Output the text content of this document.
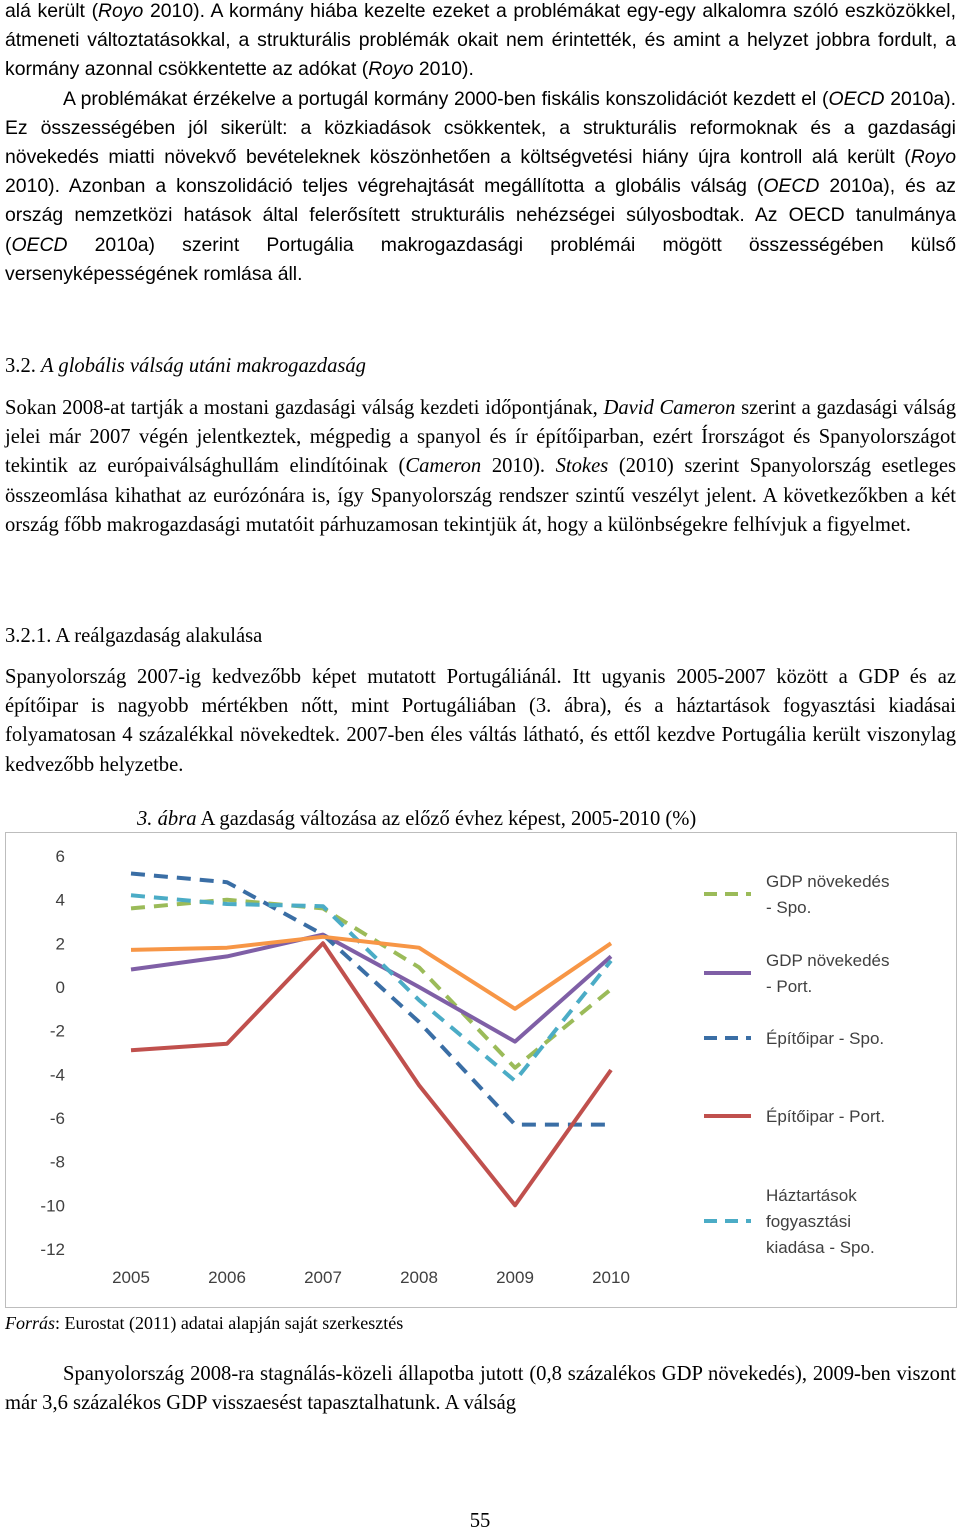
alá került (Royo 2010). A kormány hiába kezelte ezeket a problémákat egy-egy alkalomra szóló eszközökkel, átmeneti változtatásokkal, a strukturális problémák okait nem érintették, és amint a helyzet jobbra fordult, a kormány azonnal csökkentette az adókat (Royo 2010).

A problémákat érzékelve a portugál kormány 2000-ben fiskális konszolidációt kezdett el (OECD 2010a). Ez összességében jól sikerült: a közkiadások csökkentek, a strukturális reformoknak és a gazdasági növekedés miatti növekvő bevételeknek köszönhetően a költségvetési hiány újra kontroll alá került (Royo 2010). Azonban a konszolidáció teljes végrehajtását megállította a globális válság (OECD 2010a), és az ország nemzetközi hatások által felerősített strukturális nehézségei súlyosbodtak. Az OECD tanulmánya (OECD 2010a) szerint Portugália makrogazdasági problémái mögött összességében külső versenyképességének romlása áll.

3.2. A globális válság utáni makrogazdaság

Sokan 2008-at tartják a mostani gazdasági válság kezdeti időpontjának, David Cameron szerint a gazdasági válság jelei már 2007 végén jelentkeztek, mégpedig a spanyol és ír építőiparban, ezért Írországot és Spanyolországot tekintik az európaiválsághullám elindítóinak (Cameron 2010). Stokes (2010) szerint Spanyolország esetleges összeomlása kihathat az eurózónára is, így Spanyolország rendszer szintű veszélyt jelent. A következőkben a két ország főbb makrogazdasági mutatóit párhuzamosan tekintjük át, hogy a különbségekre felhívjuk a figyelmet.

3.2.1. A reálgazdaság alakulása

Spanyolország 2007-ig kedvezőbb képet mutatott Portugáliánál. Itt ugyanis 2005-2007 között a GDP és az építőipar is nagyobb mértékben nőtt, mint Portugáliában (3. ábra), és a háztartások fogyasztási kiadásai folyamatosan 4 százalékkal növekedtek. 2007-ben éles váltás látható, és ettől kezdve Portugália került viszonylag kedvezőbb helyzetbe.

3. ábra A gazdaság változása az előző évhez képest, 2005-2010 (%)

Forrás: Eurostat (2011) adatai alapján saját szerkesztés

Spanyolország 2008-ra stagnálás-közeli állapotba jutott (0,8 százalékos GDP növekedés), 2009-ben viszont már 3,6 százalékos GDP visszaesést tapasztalhatunk. A válság

6
4
2
0
-2
-4
-6
-8
-10
-12
2005	2006	2007	2008	2009	2010
GDP növekedés
- Spo.
GDP növekedés
- Port.
Építőipar - Spo.
Építőipar - Port.
Háztartások
fogyasztási
kiadása - Spo.
55
